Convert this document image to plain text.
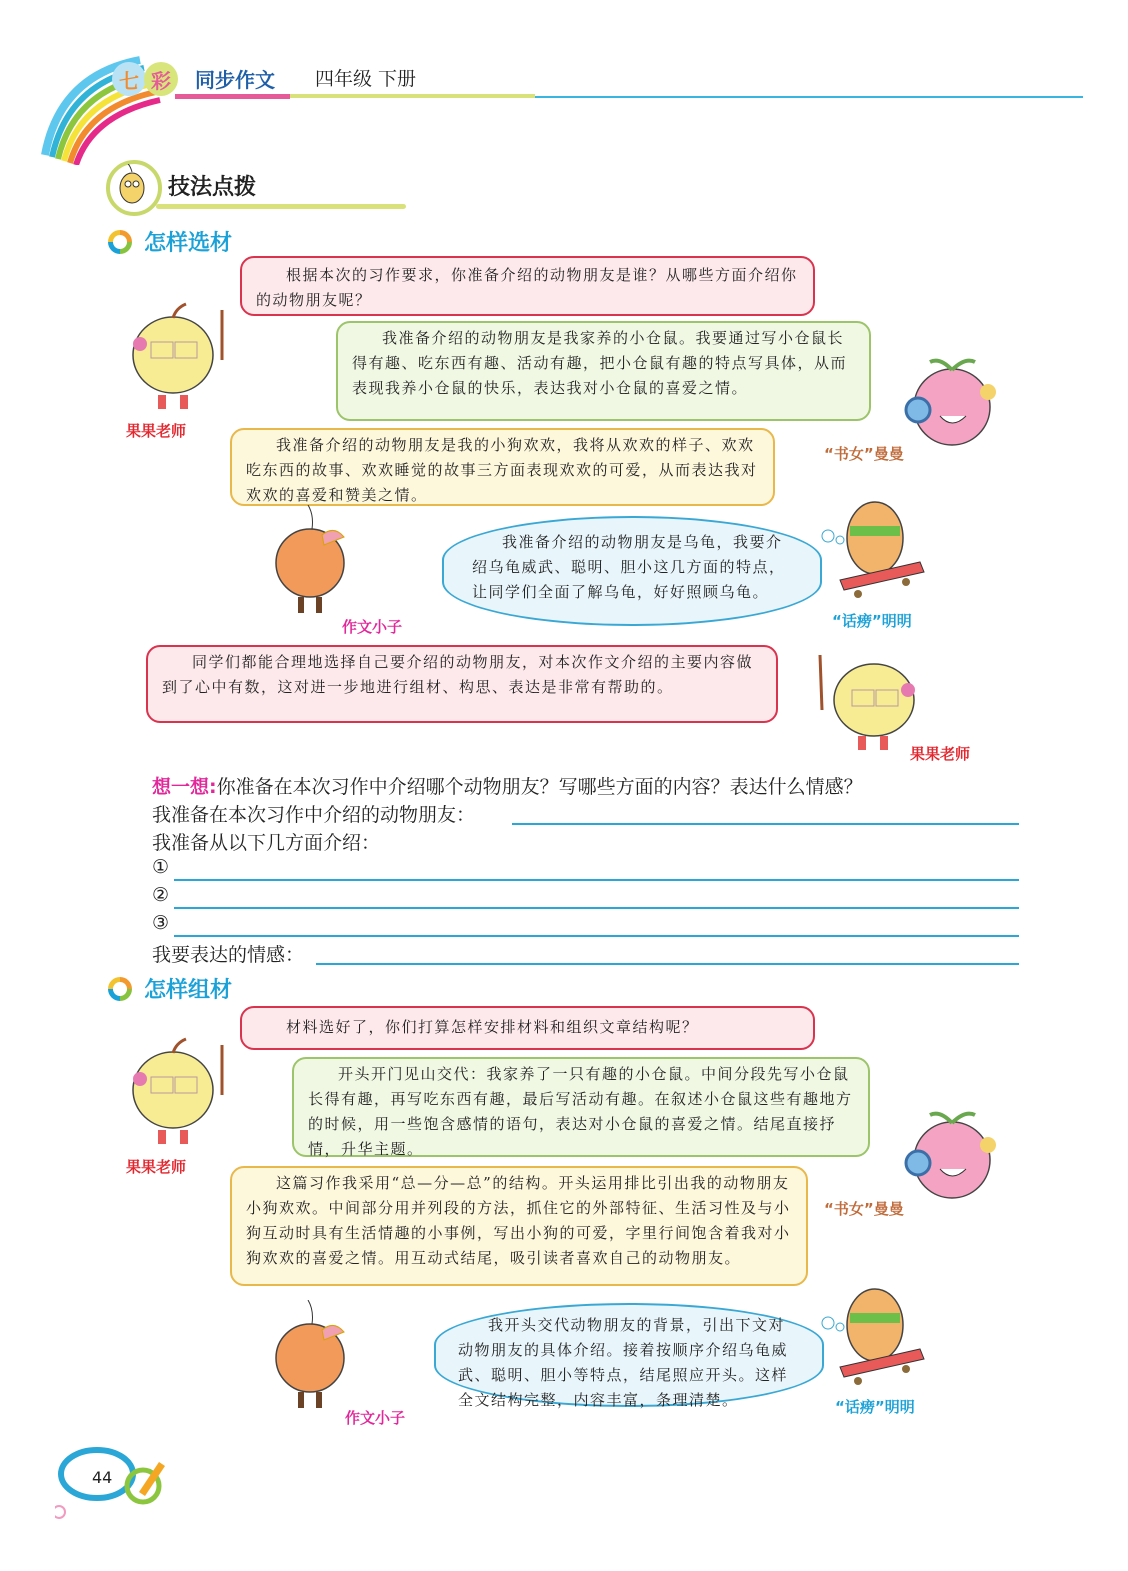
七 彩	同步作文 四年级 下册
技法点拨
怎样选材
果果老师
根据本次的习作要求，你准备介绍的动物朋友是谁？从哪些方面介绍你的动物朋友呢？
我准备介绍的动物朋友是我家养的小仓鼠。我要通过写小仓鼠长得有趣、吃东西有趣、活动有趣，把小仓鼠有趣的特点写具体，从而表现我养小仓鼠的快乐，表达我对小仓鼠的喜爱之情。
“书女”曼曼
我准备介绍的动物朋友是我的小狗欢欢，我将从欢欢的样子、欢欢吃东西的故事、欢欢睡觉的故事三方面表现欢欢的可爱，从而表达我对欢欢的喜爱和赞美之情。
作文小子
我准备介绍的动物朋友是乌龟，我要介绍乌龟威武、聪明、胆小这几方面的特点，让同学们全面了解乌龟，好好照顾乌龟。
“话痨”明明
同学们都能合理地选择自己要介绍的动物朋友，对本次作文介绍的主要内容做到了心中有数，这对进一步地进行组材、构思、表达是非常有帮助的。
果果老师
想一想:你准备在本次习作中介绍哪个动物朋友？写哪些方面的内容？表达什么情感？
我准备在本次习作中介绍的动物朋友：
我准备从以下几方面介绍：
①
②
③
我要表达的情感：
怎样组材
果果老师
材料选好了，你们打算怎样安排材料和组织文章结构呢？
开头开门见山交代：我家养了一只有趣的小仓鼠。中间分段先写小仓鼠长得有趣，再写吃东西有趣，最后写活动有趣。在叙述小仓鼠这些有趣地方的时候，用一些饱含感情的语句，表达对小仓鼠的喜爱之情。结尾直接抒情，升华主题。
“书女”曼曼
这篇习作我采用“总—分—总”的结构。开头运用排比引出我的动物朋友小狗欢欢。中间部分用并列段的方法，抓住它的外部特征、生活习性及与小狗互动时具有生活情趣的小事例，写出小狗的可爱，字里行间饱含着我对小狗欢欢的喜爱之情。用互动式结尾，吸引读者喜欢自己的动物朋友。
作文小子
我开头交代动物朋友的背景，引出下文对动物朋友的具体介绍。接着按顺序介绍乌龟威武、聪明、胆小等特点，结尾照应开头。这样全文结构完整，内容丰富，条理清楚。	“话痨”明明
44
